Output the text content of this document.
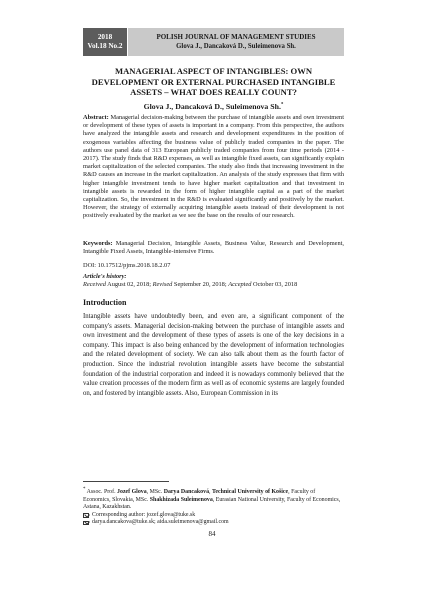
2018
Vol.18 No.2
POLISH JOURNAL OF MANAGEMENT STUDIES
Glova J., Dancaková D., Suleimenova Sh.
MANAGERIAL ASPECT OF INTANGIBLES: OWN
DEVELOPMENT OR EXTERNAL PURCHASED INTANGIBLE
ASSETS – WHAT DOES REALLY COUNT?
Glova J., Dancaková D., Suleimenova Sh.*
Abstract: Managerial decision-making between the purchase of intangible assets and own investment or development of these types of assets is important in a company. From this perspective, the authors have analyzed the intangible assets and research and development expenditures in the position of exogenous variables affecting the business value of publicly traded companies in the paper. The authors use panel data of 313 European publicly traded companies from four time periods (2014 - 2017). The study finds that R&D expenses, as well as intangible fixed assets, can significantly explain market capitalization of the selected companies. The study also finds that increasing investment in the R&D causes an increase in the market capitalization. An analysis of the study expresses that firm with higher intangible investment tends to have higher market capitalization and that investment in intangible assets is rewarded in the form of higher intangible capital as a part of the market capitalization. So, the investment in the R&D is evaluated significantly and positively by the market. However, the strategy of externally acquiring intangible assets instead of their development is not positively evaluated by the market as we see the base on the results of our research.
Keywords: Managerial Decision, Intangible Assets, Business Value, Research and Development, Intangible Fixed Assets, Intangible-intensive Firms.
DOI: 10.17512/pjms.2018.18.2.07
Article's history:
Received August 02, 2018; Revised September 20, 2018; Accepted October 03, 2018
Introduction
Intangible assets have undoubtedly been, and even are, a significant component of the company's assets. Managerial decision-making between the purchase of intangible assets and own investment and the development of these types of assets is one of the key decisions in a company. This impact is also being enhanced by the development of information technologies and the related development of society. We can also talk about them as the fourth factor of production. Since the industrial revolution intangible assets have become the substantial foundation of the industrial corporation and indeed it is nowadays commonly believed that the value creation processes of the modern firm as well as of economic systems are largely founded on, and fostered by intangible assets. Also, European Commission in its
* Assoc. Prof. Jozef Glova, MSc. Darya Dancaková, Technical University of Košice, Faculty of Economics, Slovakia, MSc. Shakhizada Suleimenova, Eurasian National University, Faculty of Economics, Astana, Kazakhstan.
Corresponding author: jozef.glova@tuke.sk
darya.dancakova@tuke.sk; aida.suleimenova@gmail.com
84
